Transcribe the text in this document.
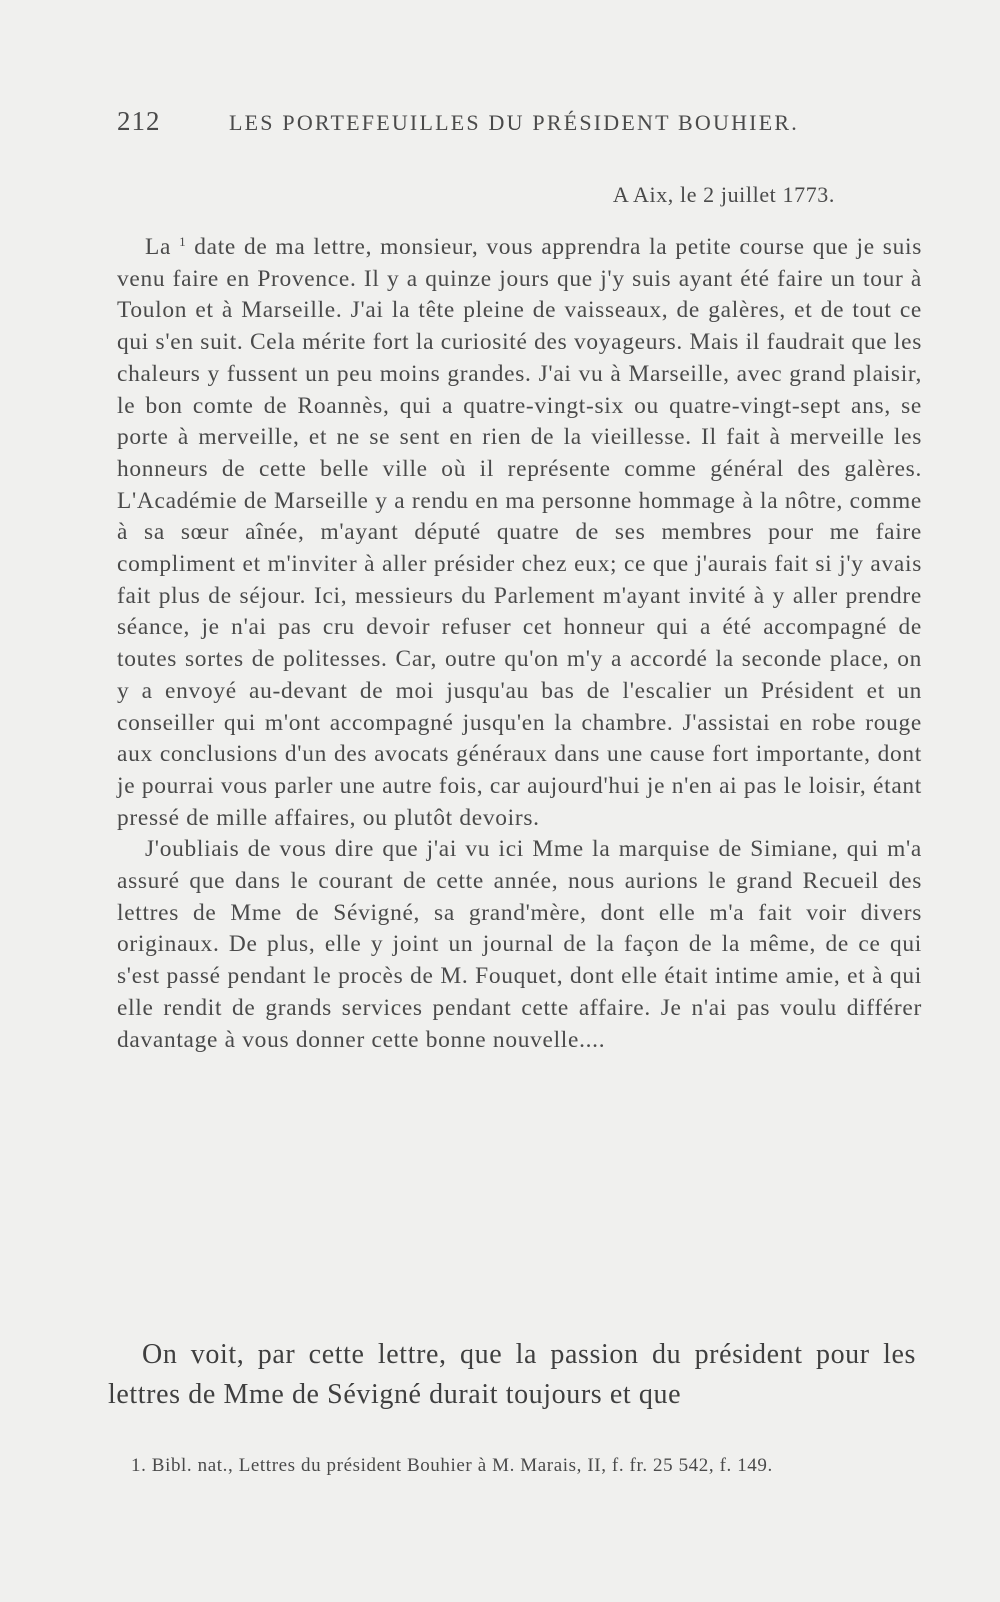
212	LES PORTEFEUILLES DU PRÉSIDENT BOUHIER.
A Aix, le 2 juillet 1773.

La $^1$ date de ma lettre, monsieur, vous apprendra la petite course que je suis venu faire en Provence. Il y a quinze jours que j'y suis ayant été faire un tour à Toulon et à Marseille. J'ai la tête pleine de vaisseaux, de galères, et de tout ce qui s'en suit. Cela mérite fort la curiosité des voyageurs. Mais il faudrait que les chaleurs y fussent un peu moins grandes. J'ai vu à Marseille, avec grand plaisir, le bon comte de Roannès, qui a quatre-vingt-six ou quatre-vingt-sept ans, se porte à merveille, et ne se sent en rien de la vieillesse. Il fait à merveille les honneurs de cette belle ville où il représente comme général des galères. L'Académie de Marseille y a rendu en ma personne hommage à la nôtre, comme à sa sœur aînée, m'ayant député quatre de ses membres pour me faire compliment et m'inviter à aller présider chez eux; ce que j'aurais fait si j'y avais fait plus de séjour. Ici, messieurs du Parlement m'ayant invité à y aller prendre séance, je n'ai pas cru devoir refuser cet honneur qui a été accompagné de toutes sortes de politesses. Car, outre qu'on m'y a accordé la seconde place, on y a envoyé au-devant de moi jusqu'au bas de l'escalier un Président et un conseiller qui m'ont accompagné jusqu'en la chambre. J'assistai en robe rouge aux conclusions d'un des avocats généraux dans une cause fort importante, dont je pourrai vous parler une autre fois, car aujourd'hui je n'en ai pas le loisir, étant pressé de mille affaires, ou plutôt devoirs.

J'oubliais de vous dire que j'ai vu ici Mme la marquise de Simiane, qui m'a assuré que dans le courant de cette année, nous aurions le grand Recueil des lettres de Mme de Sévigné, sa grand'mère, dont elle m'a fait voir divers originaux. De plus, elle y joint un journal de la façon de la même, de ce qui s'est passé pendant le procès de M. Fouquet, dont elle était intime amie, et à qui elle rendit de grands services pendant cette affaire. Je n'ai pas voulu différer davantage à vous donner cette bonne nouvelle....

On voit, par cette lettre, que la passion du président pour les lettres de Mme de Sévigné durait toujours et que

1. Bibl. nat., Lettres du président Bouhier à M. Marais, II, f. fr. 25 542, f. 149.
